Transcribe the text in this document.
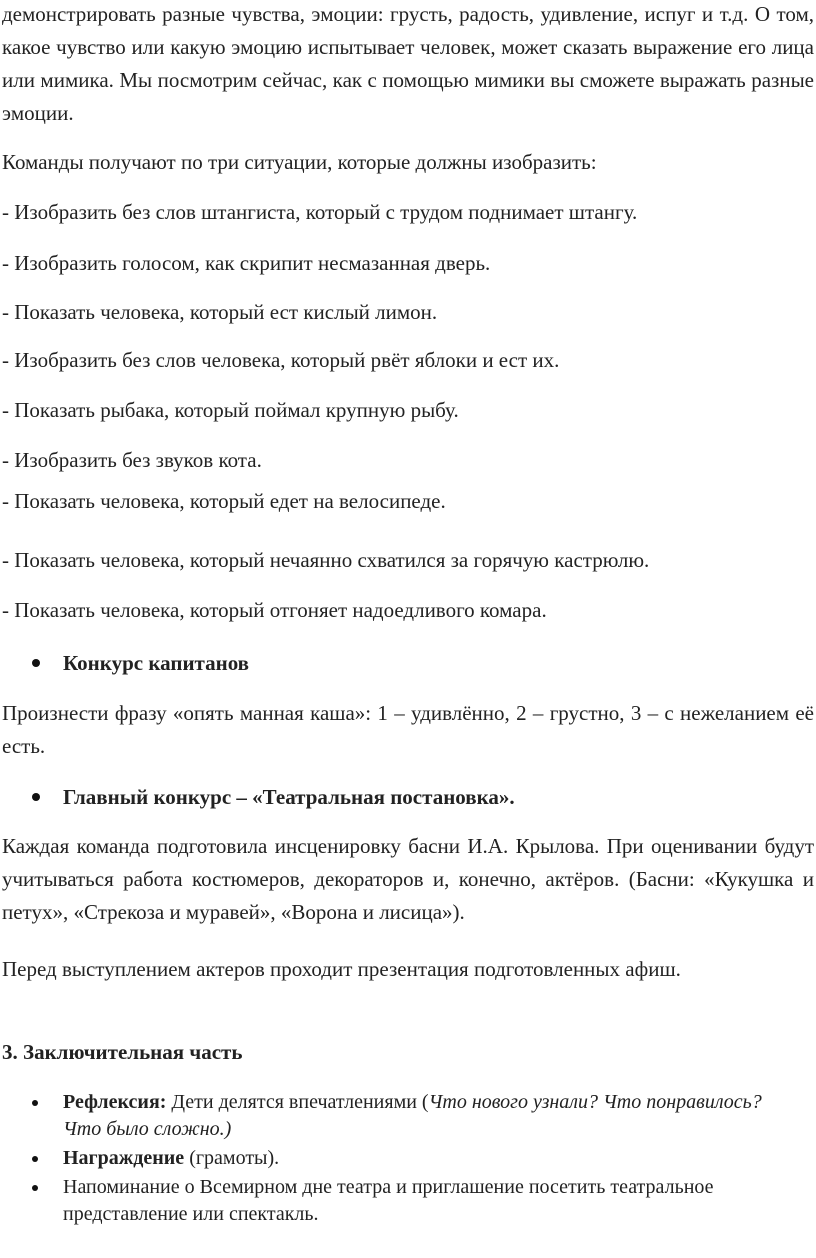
демонстрировать разные чувства, эмоции: грусть, радость, удивление, испуг и т.д. О том, какое чувство или какую эмоцию испытывает человек, может сказать выражение его лица или мимика. Мы посмотрим сейчас, как с помощью мимики вы сможете выражать разные эмоции.

Команды получают по три ситуации, которые должны изобразить:

- Изобразить без слов штангиста, который с трудом поднимает штангу.

- Изобразить голосом, как скрипит несмазанная дверь.

- Показать человека, который ест кислый лимон.

- Изобразить без слов человека, который рвёт яблоки и ест их.

- Показать рыбака, который поймал крупную рыбу.

- Изобразить без звуков кота.

- Показать человека, который едет на велосипеде.

- Показать человека, который нечаянно схватился за горячую кастрюлю.

- Показать человека, который отгоняет надоедливого комара.

Конкурс капитанов

Произнести фразу «опять манная каша»: 1 – удивлённо, 2 – грустно, 3 – с нежеланием её есть.

Главный конкурс – «Театральная постановка».

Каждая команда подготовила инсценировку басни И.А. Крылова. При оценивании будут учитываться работа костюмеров, декораторов и, конечно, актёров. (Басни: «Кукушка и петух», «Стрекоза и муравей», «Ворона и лисица»).

Перед выступлением актеров проходит презентация подготовленных афиш.

3. Заключительная часть
Рефлексия: Дети делятся впечатлениями (Что нового узнали? Что понравилось? Что было сложно.)
Награждение (грамоты).
Напоминание о Всемирном дне театра и приглашение посетить театральное представление или спектакль.
